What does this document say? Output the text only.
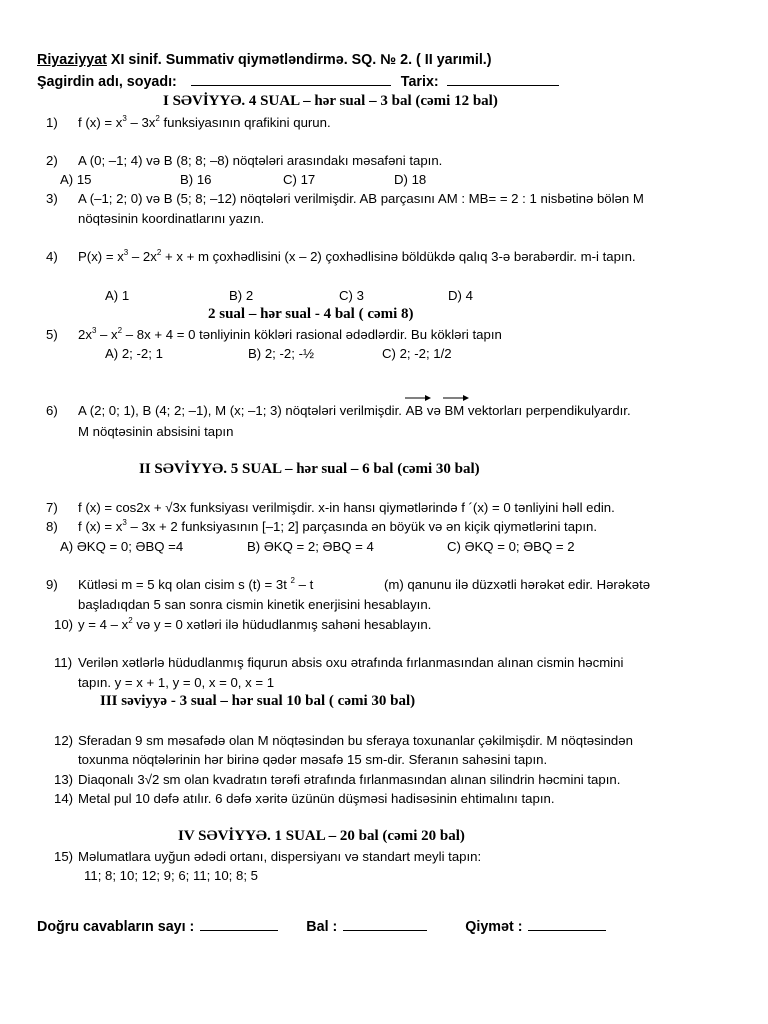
Riyaziyyat XI sinif. Summativ qiymətləndirmə. SQ. № 2. ( II yarımil.)
Şagirdin adı, soyadı:	Tarix:
I SƏVİYYƏ. 4 SUAL – hər sual – 3 bal (cəmi 12 bal)
1) f $(x) = x^3 - 3x^2$ funksiyasının qrafikini qurun.
2) A (0; –1; 4) və B (8; 8; –8) nöqtələri arasındakı məsafəni tapın.
A) 15	B) 16	C) 17	D) 18
3) A (–1; 2; 0) və B (5; 8; –12) nöqtələri verilmişdir. AB parçasını AM : MB= = 2 : 1 nisbətinə bölən M
nöqtəsinin koordinatlarını yazın.
4) $P(x) = x^3 - 2x^2 + x + m$ çoxhədlisini (x – 2) çoxhədlisinə böldükdə qalıq 3-ə bərabərdir. m-i tapın.
A) 1	B) 2	C) 3	D) 4
2 sual – hər sual - 4 bal ( cəmi 8)
5) $2x^3 - x^2 - 8x + 4 = 0$ tənliyinin kökləri rasional ədədlərdir. Bu kökləri tapın
A) 2; -2; 1	B) 2; -2; -½	C) 2; -2; 1/2
6) A (2; 0; 1), B (4; 2; –1), M (x; –1; 3) nöqtələri verilmişdir.
AB və
BM vektorları perpendikulyardır.
M nöqtəsinin absisini tapın
II SƏVİYYƏ. 5 SUAL – hər sual – 6 bal (cəmi 30 bal)
7) f (x) = cos2x + √3x funksiyası verilmişdir. x-in hansı qiymətlərində f ´(x) = 0 tənliyini həll edin.
8) f $(x) = x^3 - 3x + 2$ funksiyasının [–1; 2] parçasında ən böyük və ən kiçik qiymətlərini tapın.
A) ƏKQ = 0; ƏBQ =4	B) ƏKQ = 2; ƏBQ = 4	C) ƏKQ = 0; ƏBQ = 2
9) Kütləsi m = 5 kq olan cisim s (t) = 3t $^2$ – t	(m) qanunu ilə düzxətli hərəkət edir. Hərəkətə
başladıqdan 5 san sonra cismin kinetik enerjisini hesablayın.
10) $y = 4 - x^2$ və y = 0 xətləri ilə hüdudlanmış sahəni hesablayın.
11) Verilən xətlərlə hüdudlanmış fiqurun absis oxu ətrafında fırlanmasından alınan cismin həcmini
tapın. y = x + 1, y = 0, x = 0, x = 1
III səviyyə - 3 sual – hər sual 10 bal ( cəmi 30 bal)
12) Sferadan 9 sm məsafədə olan M nöqtəsindən bu sferaya toxunanlar çəkilmişdir. M nöqtəsindən
toxunma nöqtələrinin hər birinə qədər məsafə 15 sm-dir. Sferanın sahəsini tapın.
13) Diaqonalı 3√2 sm olan kvadratın tərəfi ətrafında fırlanmasından alınan silindrin həcmini tapın.
14) Metal pul 10 dəfə atılır. 6 dəfə xəritə üzünün düşməsi hadisəsinin ehtimalını tapın.
IV SƏVİYYƏ. 1 SUAL – 20 bal (cəmi 20 bal)
15) Məlumatlara uyğun ədədi ortanı, dispersiyanı və standart meyli tapın:
11; 8; 10; 12; 9; 6; 11; 10; 8; 5
Doğru cavabların sayı :	Bal :	Qiymət :
